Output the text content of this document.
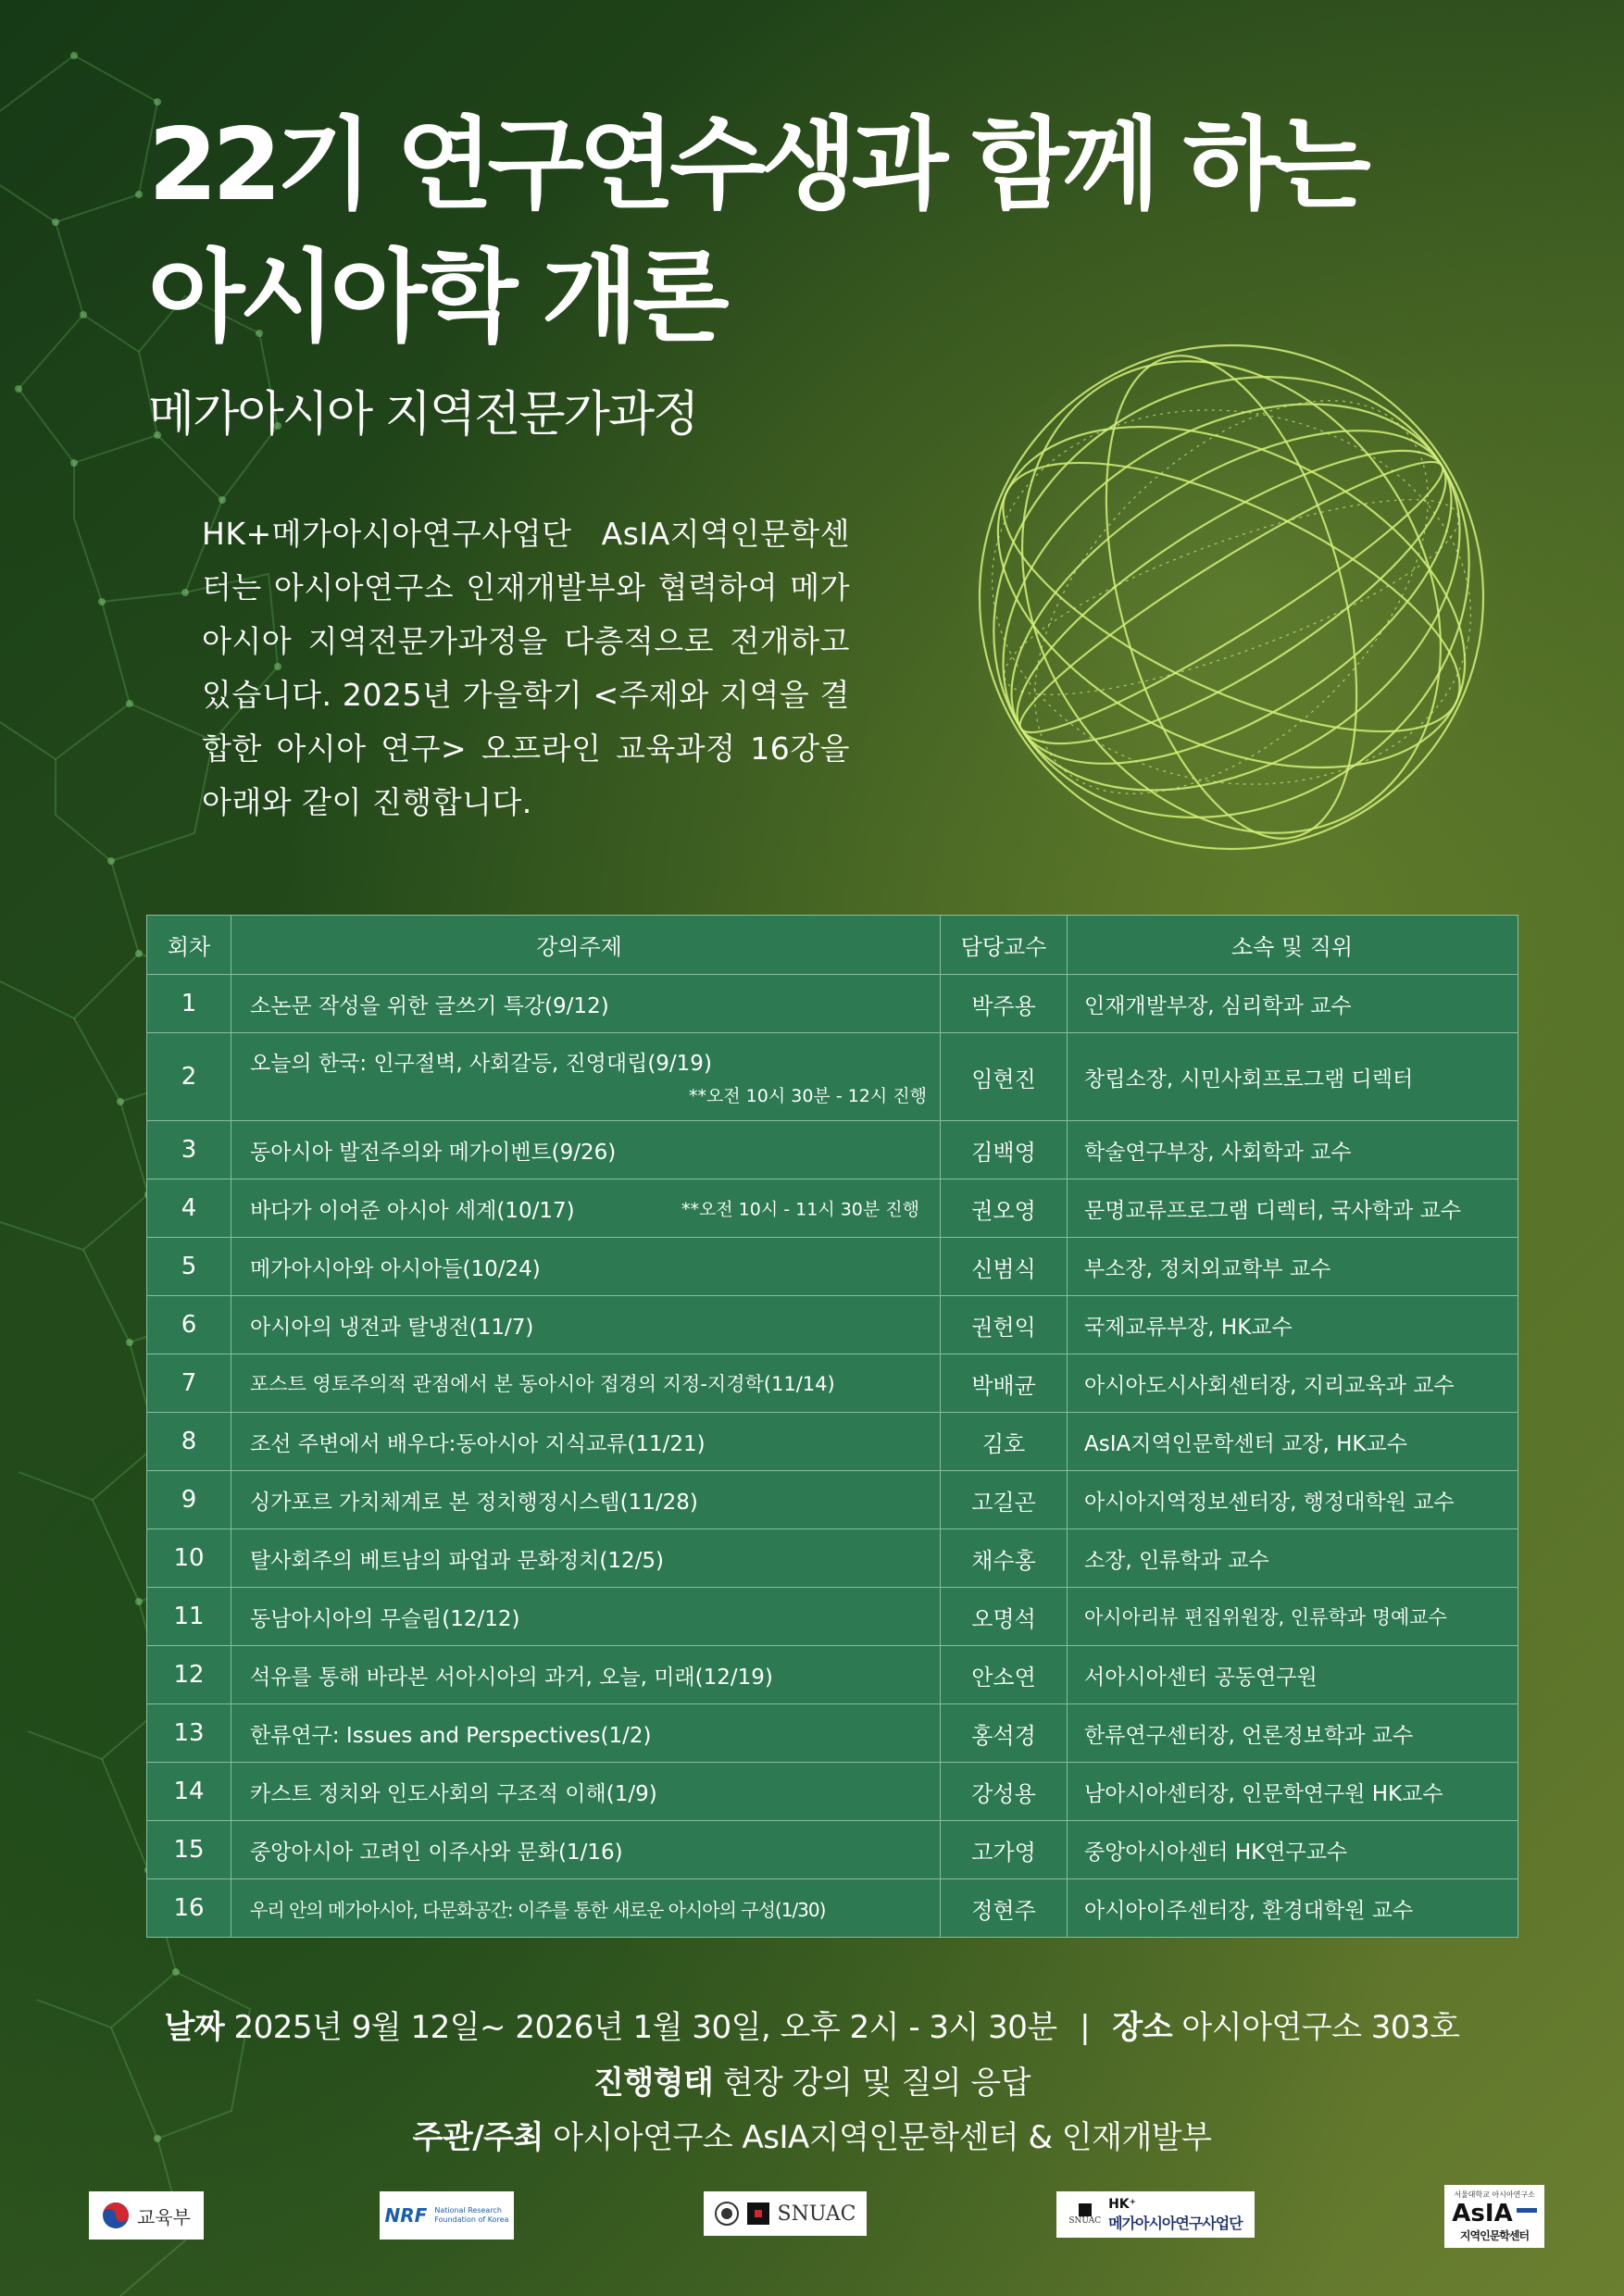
22기 연구연수생과 함께 하는
아시아학 개론
메가아시아 지역전문가과정

HK+메가아시아연구사업단 AsIA지역인문학센터는 아시아연구소 인재개발부와 협력하여 메가아시아 지역전문가과정을 다층적으로 전개하고 있습니다. 2025년 가을학기 <주제와 지역을 결합한 아시아 연구> 오프라인 교육과정 16강을 아래와 같이 진행합니다.

회차	강의주제	담당교수	소속 및 직위
1	소논문 작성을 위한 글쓰기 특강(9/12)	박주용	인재개발부장, 심리학과 교수
2	오늘의 한국: 인구절벽, 사회갈등, 진영대립(9/19)
**오전 10시 30분 - 12시 진행	임현진	창립소장, 시민사회프로그램 디렉터
3	동아시아 발전주의와 메가이벤트(9/26)	김백영	학술연구부장, 사회학과 교수
4	바다가 이어준 아시아 세계(10/17) **오전 10시 - 11시 30분 진행	권오영	문명교류프로그램 디렉터, 국사학과 교수
5	메가아시아와 아시아들(10/24)	신범식	부소장, 정치외교학부 교수
6	아시아의 냉전과 탈냉전(11/7)	권헌익	국제교류부장, HK교수
7	포스트 영토주의적 관점에서 본 동아시아 접경의 지정-지경학(11/14)	박배균	아시아도시사회센터장, 지리교육과 교수
8	조선 주변에서 배우다:동아시아 지식교류(11/21)	김호	AsIA지역인문학센터 교장, HK교수
9	싱가포르 가치체계로 본 정치행정시스템(11/28)	고길곤	아시아지역정보센터장, 행정대학원 교수
10	탈사회주의 베트남의 파업과 문화정치(12/5)	채수홍	소장, 인류학과 교수
11	동남아시아의 무슬림(12/12)	오명석	아시아리뷰 편집위원장, 인류학과 명예교수
12	석유를 통해 바라본 서아시아의 과거, 오늘, 미래(12/19)	안소연	서아시아센터 공동연구원
13	한류연구: Issues and Perspectives(1/2)	홍석경	한류연구센터장, 언론정보학과 교수
14	카스트 정치와 인도사회의 구조적 이해(1/9)	강성용	남아시아센터장, 인문학연구원 HK교수
15	중앙아시아 고려인 이주사와 문화(1/16)	고가영	중앙아시아센터 HK연구교수
16	우리 안의 메가아시아, 다문화공간: 이주를 통한 새로운 아시아의 구성(1/30)	정현주	아시아이주센터장, 환경대학원 교수

날짜 2025년 9월 12일~ 2026년 1월 30일, 오후 2시 - 3시 30분 | 장소 아시아연구소 303호

진행형태 현장 강의 및 질의 응답

주관/주최 아시아연구소 AsIA지역인문학센터 & 인재개발부

교육부	NRF National Research
Foundation of Korea	SNUAC	SNUAC
HK⁺
메가아시아연구사업단
서울대학교 아시아연구소
AsIA
지역인문학센터
